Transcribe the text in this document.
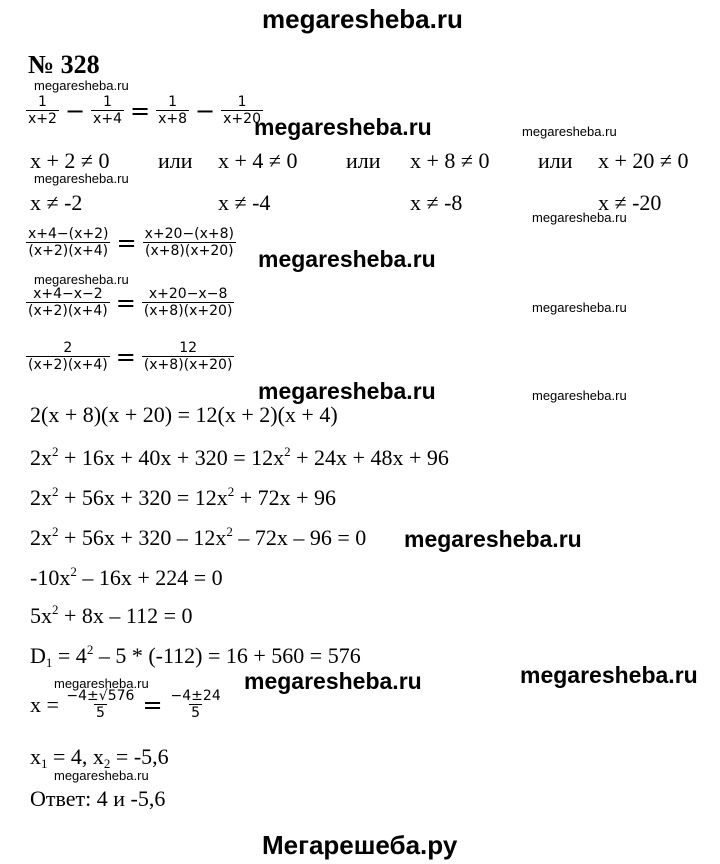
megaresheba.ru
№ 328
megaresheba.ru
$\frac{1}{x+2} - \frac{1}{x+4} = \frac{1}{x+8} - \frac{1}{x+20}$
megaresheba.ru	megaresheba.ru
x + 2 ≠ 0 или x + 4 ≠ 0 или x + 8 ≠ 0 или x + 20 ≠ 0
megaresheba.ru
x ≠ -2	x ≠ -4	x ≠ -8	x ≠ -20
megaresheba.ru
$\frac{x+4-(x+2)}{(x+2)(x+4)} = \frac{x+20-(x+8)}{(x+8)(x+20)}$ megaresheba.ru
megaresheba.ru
$\frac{x+4-x-2}{(x+2)(x+4)} = \frac{x+20-x-8}{(x+8)(x+20)}$	megaresheba.ru
$\frac{2}{(x+2)(x+4)} = \frac{12}{(x+8)(x+20)}$
megaresheba.ru	megaresheba.ru
2(x + 8)(x + 20) = 12(x + 2)(x + 4)
$2x^2 + 16x + 40x + 320 = 12x^2 + 24x + 48x + 96$
$2x^2 + 56x + 320 = 12x^2 + 72x + 96$
$2x^2 + 56x + 320 - 12x^2 - 72x - 96 = 0$ megaresheba.ru
$-10x^2 - 16x + 224 = 0$
$5x^2 + 8x - 112 = 0$
$D_1 = 4^2 - 5 * (-112) = 16 + 560 = 576$
megaresheba.ru
megaresheba.ru
megaresheba.ru
$x = \frac{-4\pm√576}{5} = \frac{-4\pm 24}{5}$
$x_1 = 4$, $x_2 = -5,6$
megaresheba.ru
Ответ: 4 и -5,6
Мегарешеба.ру
